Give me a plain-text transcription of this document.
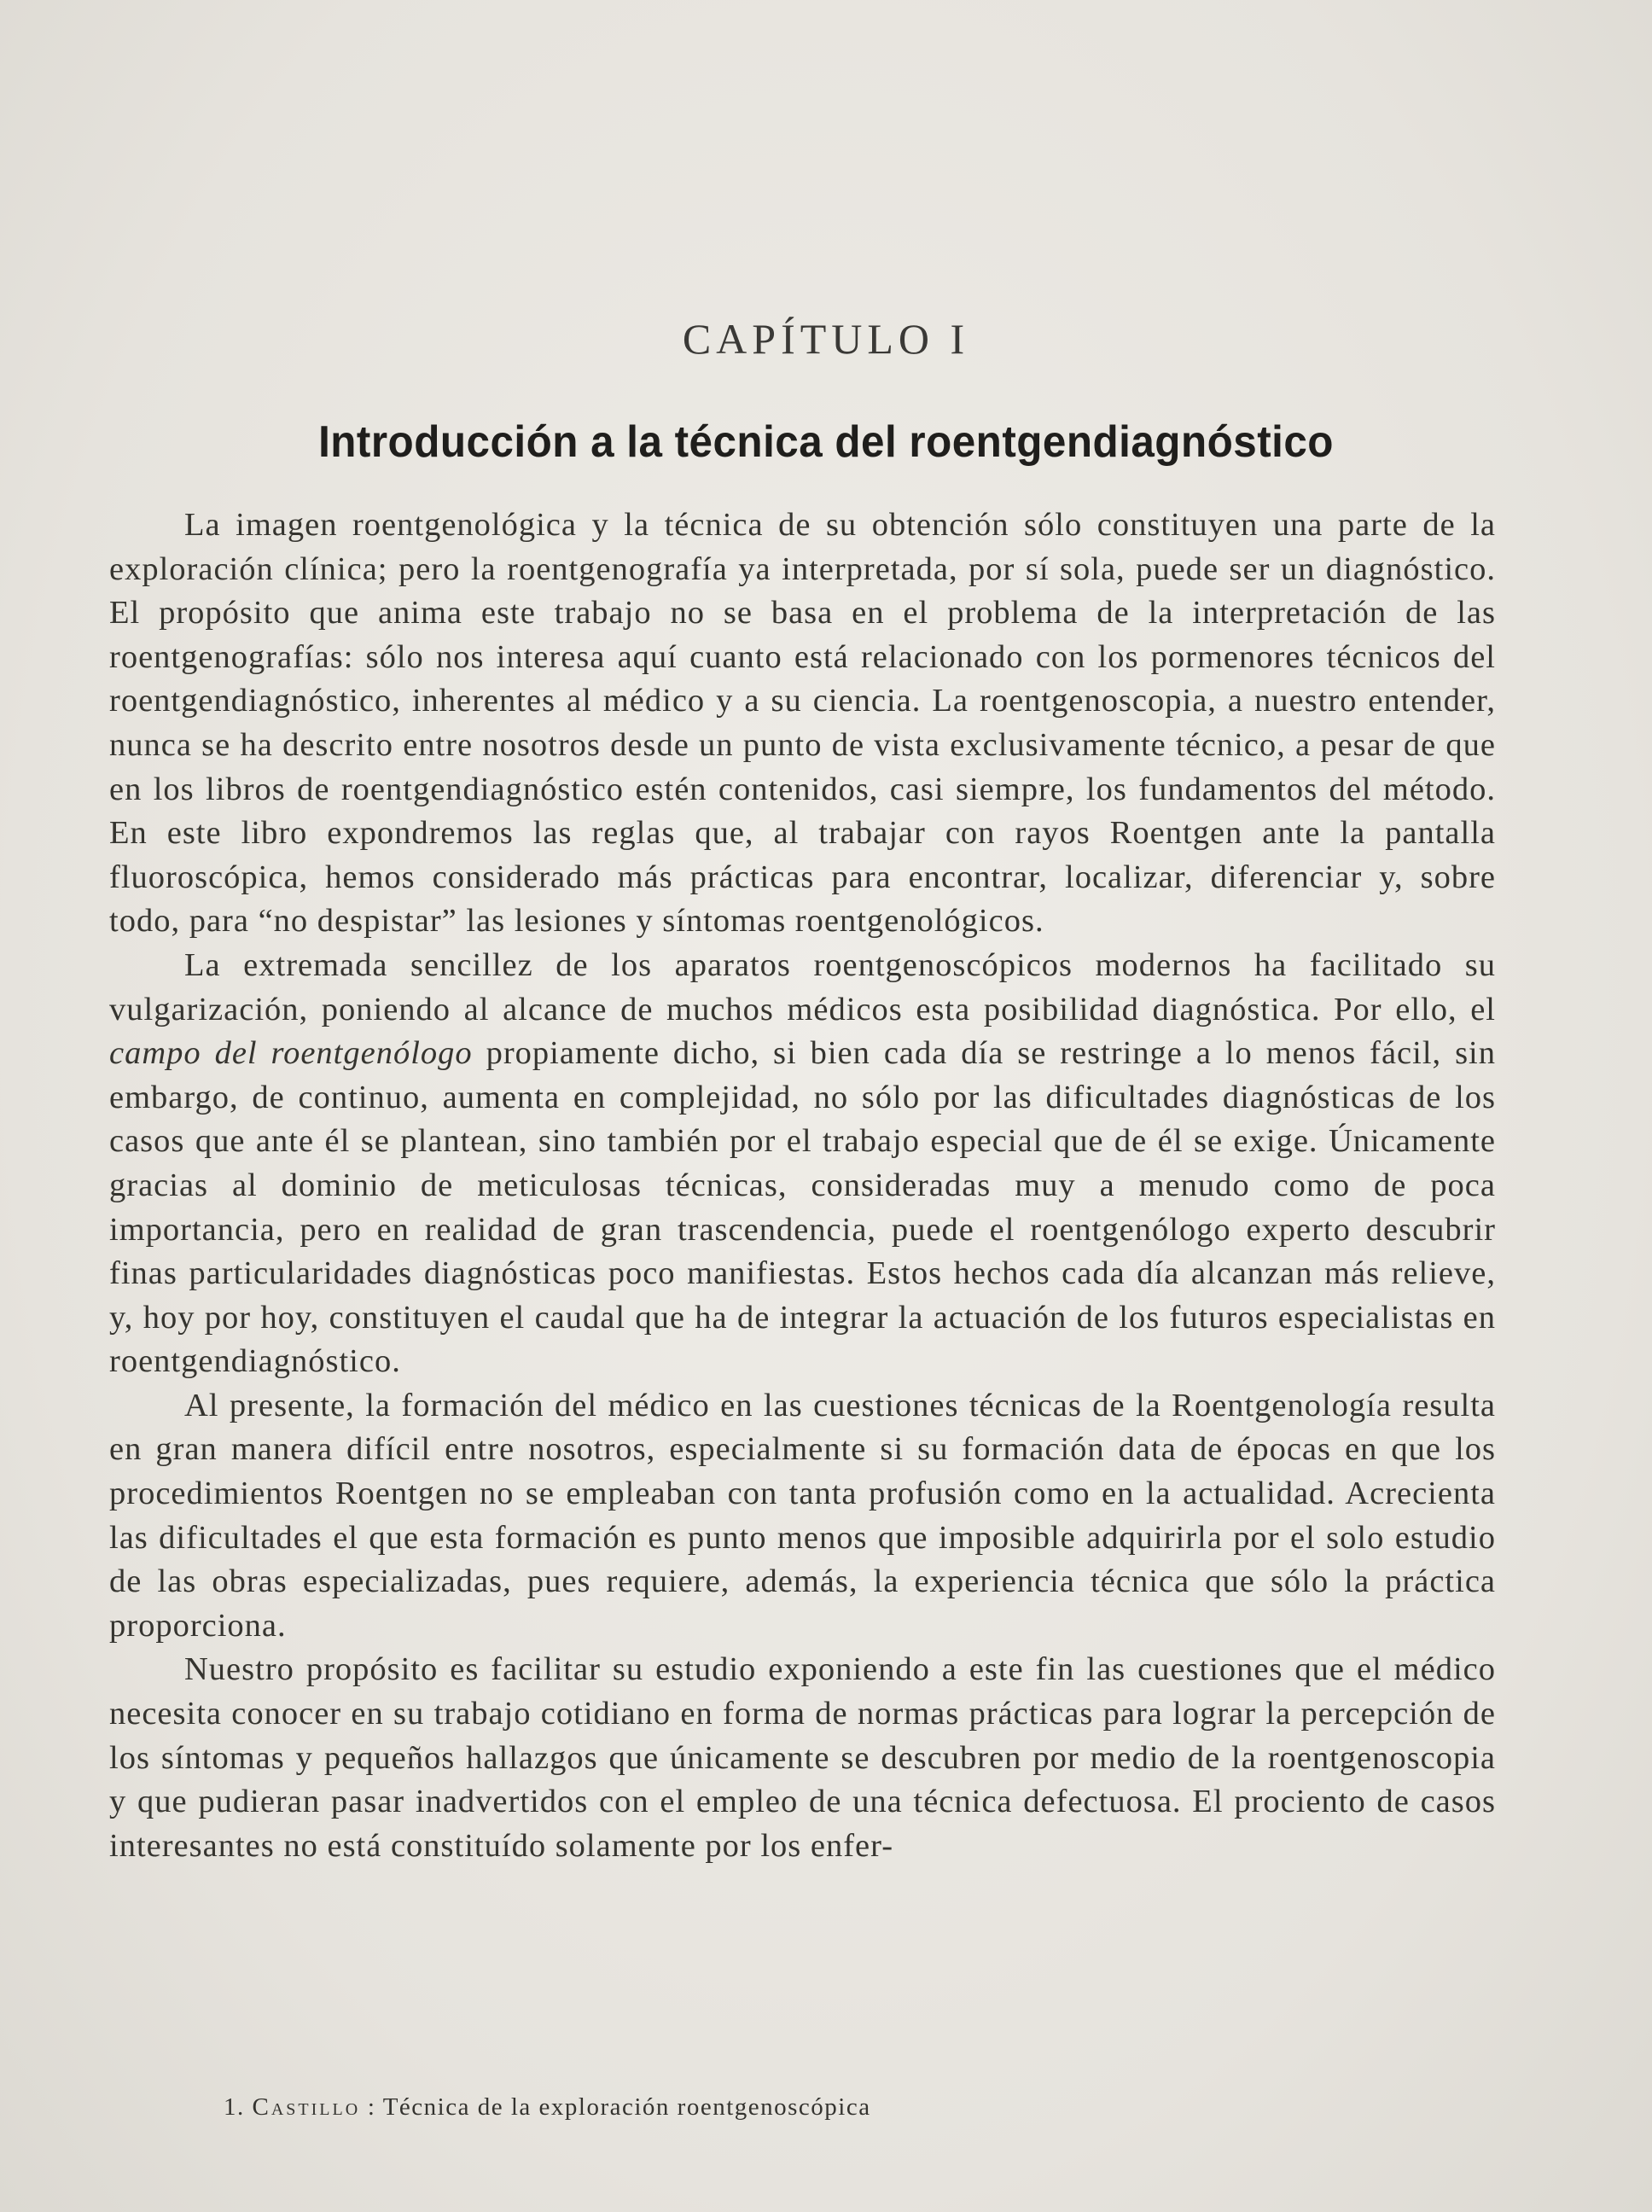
CAPÍTULO I
Introducción a la técnica del roentgendiagnóstico

La imagen roentgenológica y la técnica de su obtención sólo constituyen una parte de la exploración clínica; pero la roentgenografía ya interpretada, por sí sola, puede ser un diagnóstico. El propósito que anima este trabajo no se basa en el problema de la interpretación de las roentgenografías: sólo nos interesa aquí cuanto está relacionado con los pormenores técnicos del roentgendiagnóstico, inherentes al médico y a su ciencia. La roentgenoscopia, a nuestro entender, nunca se ha descrito entre nosotros desde un punto de vista exclusivamente técnico, a pesar de que en los libros de roentgendiagnóstico estén contenidos, casi siempre, los fundamentos del método. En este libro expondremos las reglas que, al trabajar con rayos Roentgen ante la pantalla fluoroscópica, hemos considerado más prácticas para encontrar, localizar, diferenciar y, sobre todo, para “no despistar” las lesiones y síntomas roentgenológicos.

La extremada sencillez de los aparatos roentgenoscópicos modernos ha facilitado su vulgarización, poniendo al alcance de muchos médicos esta posibilidad diagnóstica. Por ello, el campo del roentgenólogo propiamente dicho, si bien cada día se restringe a lo menos fácil, sin embargo, de continuo, aumenta en complejidad, no sólo por las dificultades diagnósticas de los casos que ante él se plantean, sino también por el trabajo especial que de él se exige. Únicamente gracias al dominio de meticulosas técnicas, consideradas muy a menudo como de poca importancia, pero en realidad de gran trascendencia, puede el roentgenólogo experto descubrir finas particularidades diagnósticas poco manifiestas. Estos hechos cada día alcanzan más relieve, y, hoy por hoy, constituyen el caudal que ha de integrar la actuación de los futuros especialistas en roentgendiagnóstico.

Al presente, la formación del médico en las cuestiones técnicas de la Roentgenología resulta en gran manera difícil entre nosotros, especialmente si su formación data de épocas en que los procedimientos Roentgen no se empleaban con tanta profusión como en la actualidad. Acrecienta las dificultades el que esta formación es punto menos que imposible adquirirla por el solo estudio de las obras especializadas, pues requiere, además, la experiencia técnica que sólo la práctica proporciona.

Nuestro propósito es facilitar su estudio exponiendo a este fin las cuestiones que el médico necesita conocer en su trabajo cotidiano en forma de normas prácticas para lograr la percepción de los síntomas y pequeños hallazgos que únicamente se descubren por medio de la roentgenoscopia y que pudieran pasar inadvertidos con el empleo de una técnica defectuosa. El prociento de casos interesantes no está constituído solamente por los enfer-

1. Castillo : Técnica de la exploración roentgenoscópica
